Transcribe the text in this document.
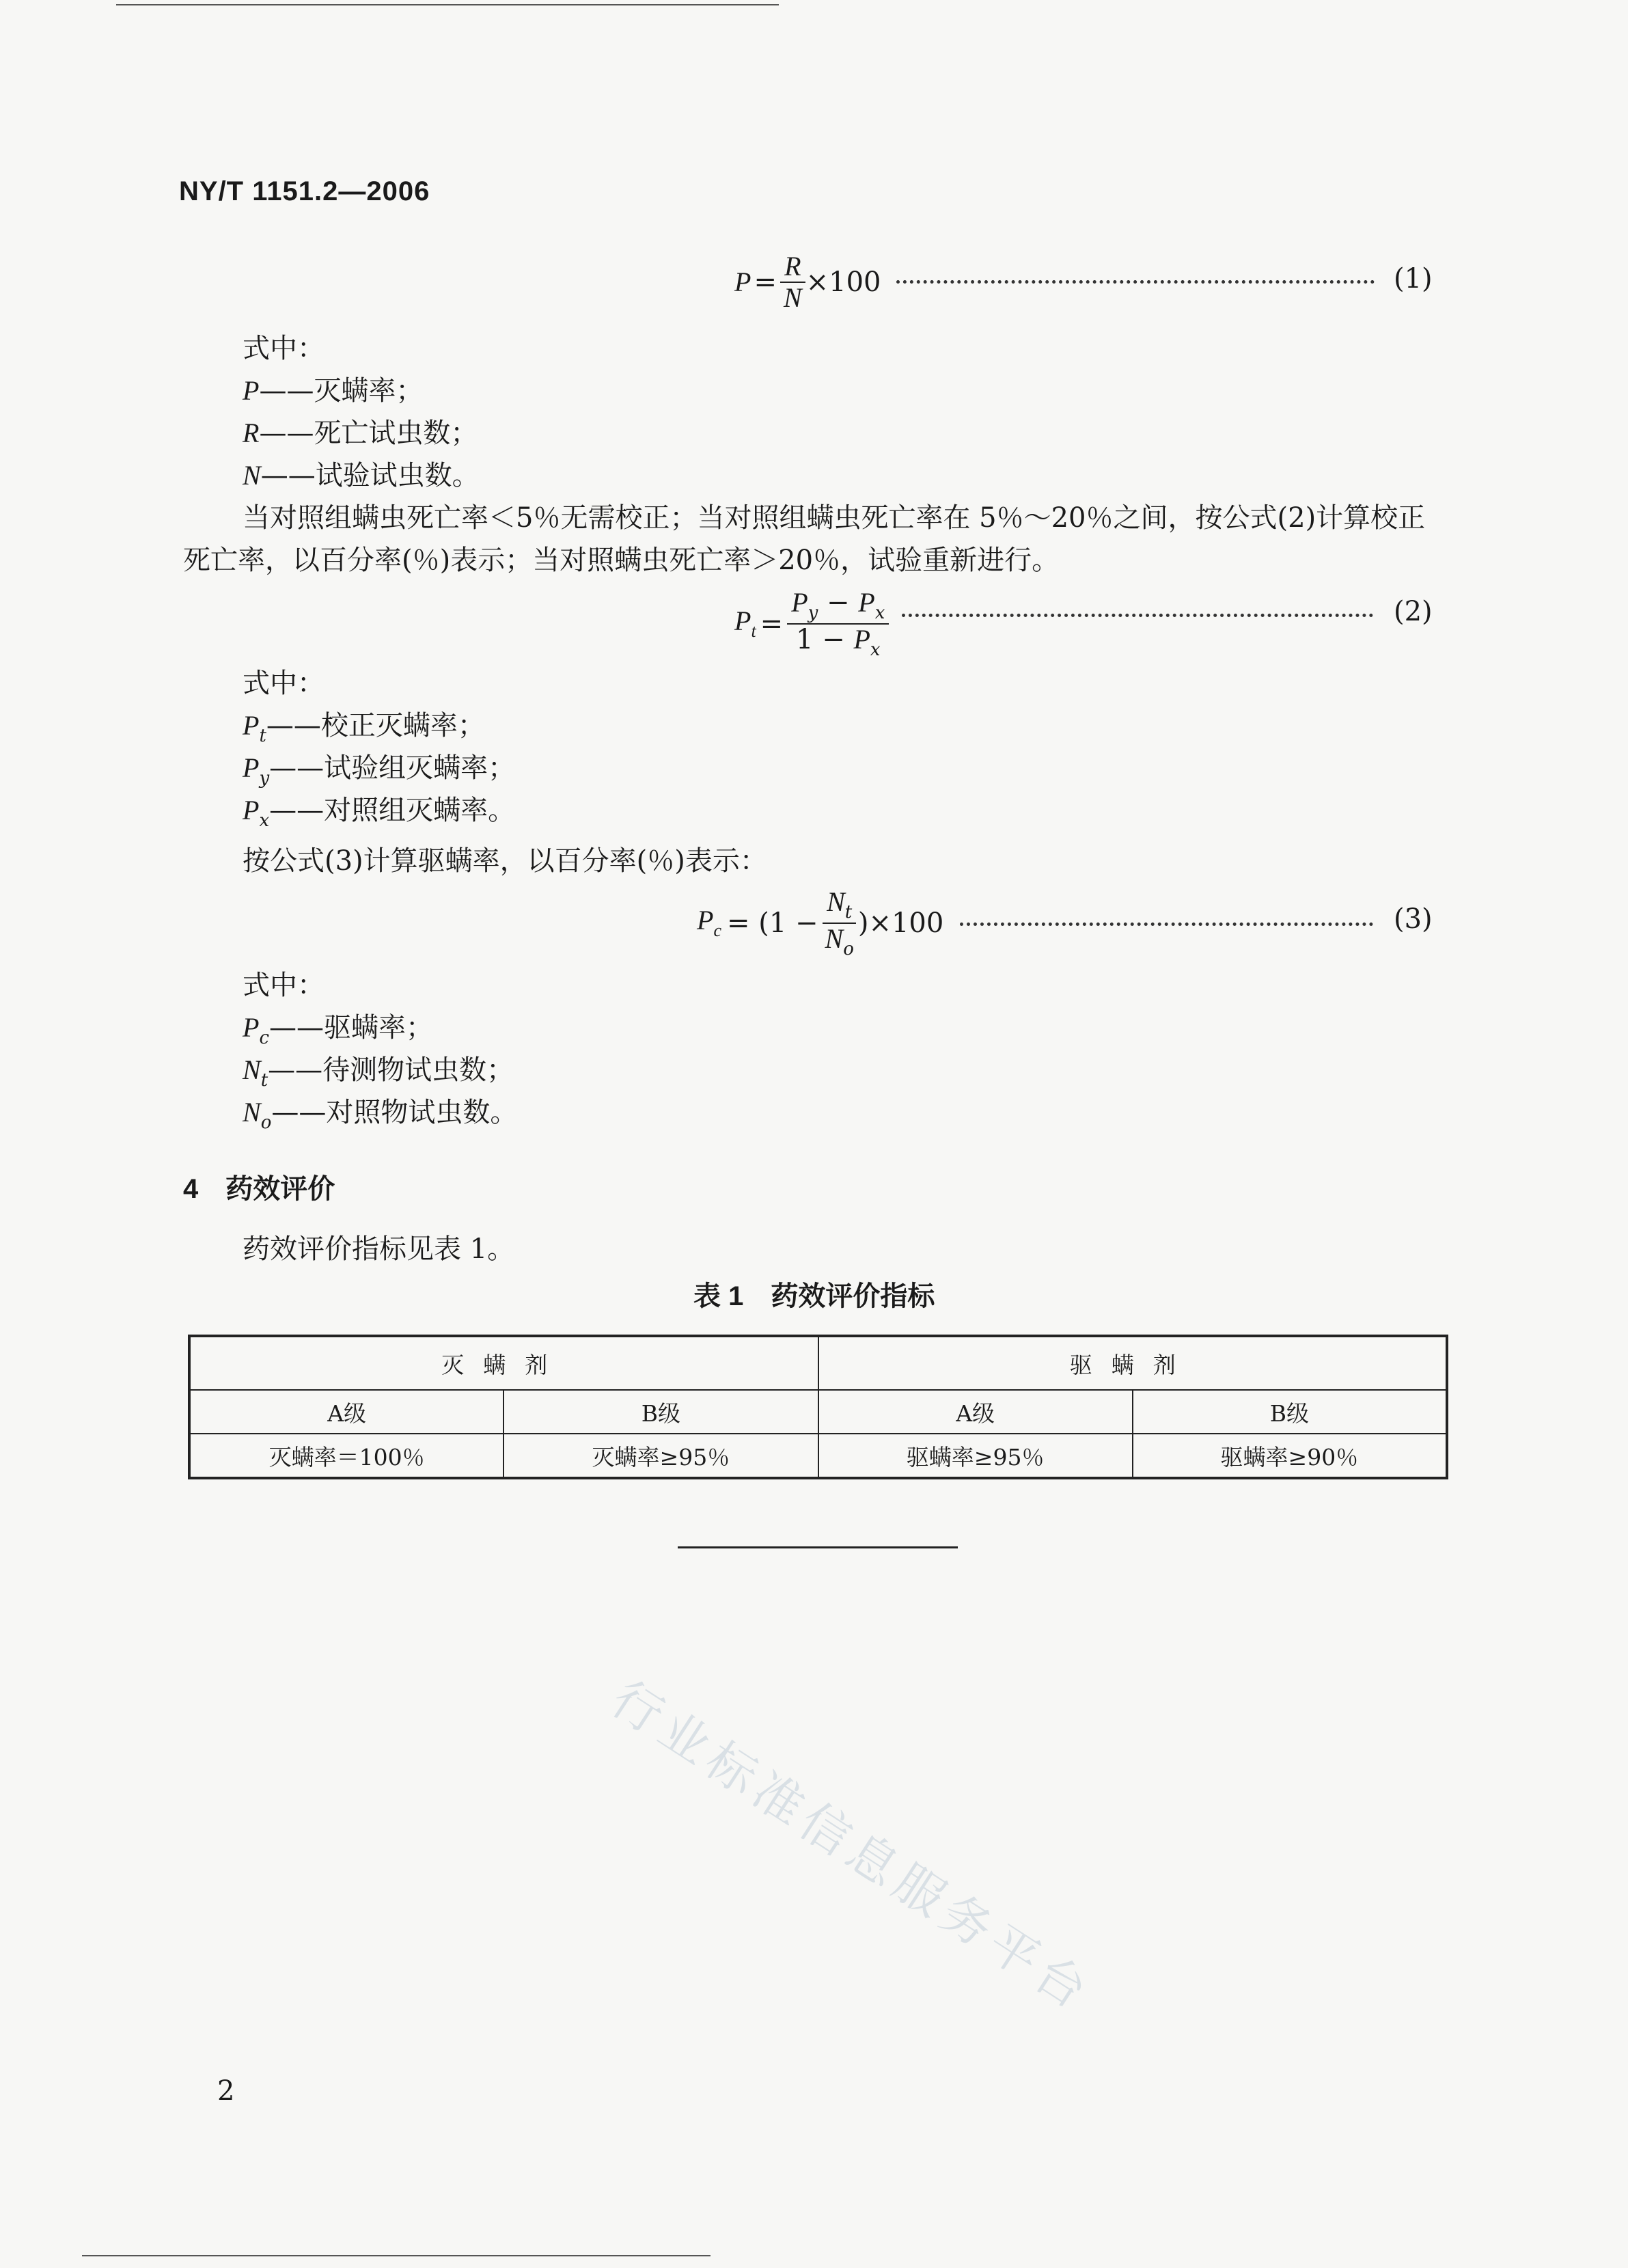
NY/T 1151.2—2006
$P = \frac{R}{N} \times 100$	(1)
式中：
P——灭螨率；
R——死亡试虫数；
N——试验试虫数。
当对照组螨虫死亡率＜5％无需校正；当对照组螨虫死亡率在 5％～20％之间，按公式(2)计算校正
死亡率，以百分率(％)表示；当对照螨虫死亡率＞20％，试验重新进行。
$P_t = \frac{P_y - P_x}{1 - P_x}$	(2)
式中：
$P_t——$校正灭螨率；
$P_y——$试验组灭螨率；
$P_x——$对照组灭螨率。
按公式(3)计算驱螨率，以百分率(％)表示：
$P_c = (1 - \frac{N_t}{N_o} )\times 100$	(3)
式中：
$P_c——$驱螨率；
$N_t——$待测物试虫数；
$N_o——$对照物试虫数。
4 药效评价
药效评价指标见表 1。
表 1　药效评价指标
灭螨剂		驱螨剂	
A级	B级	A级	B级
灭螨率＝100％	灭螨率≥95％	驱螨率≥95％	驱螨率≥90％
行业标准信息服务平台
2
